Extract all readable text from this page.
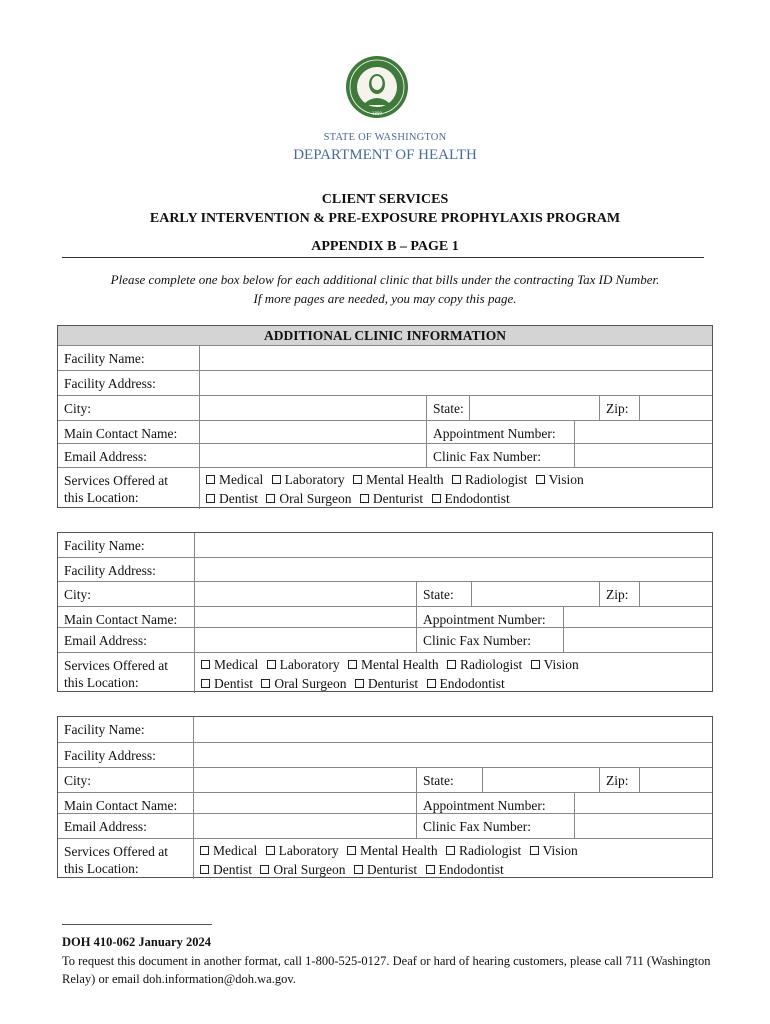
1889
STATE OF WASHINGTON
DEPARTMENT OF HEALTH
CLIENT SERVICES
EARLY INTERVENTION & PRE-EXPOSURE PROPHYLAXIS PROGRAM
APPENDIX B – PAGE 1
Please complete one box below for each additional clinic that bills under the contracting Tax ID Number.
If more pages are needed, you may copy this page.
ADDITIONAL CLINIC INFORMATION
Facility Name:
Facility Address:
City:	State:	Zip:
Main Contact Name:	Appointment Number:
Email Address:	Clinic Fax Number:
Services Offered at
this Location:
Medical Laboratory Mental Health Radiologist Vision
Dentist Oral Surgeon Denturist Endodontist
Facility Name:
Facility Address:
City:	State:	Zip:
Main Contact Name:	Appointment Number:
Email Address:	Clinic Fax Number:
Services Offered at
this Location:
Medical Laboratory Mental Health Radiologist Vision
Dentist Oral Surgeon Denturist Endodontist
Facility Name:
Facility Address:
City:	State:	Zip:
Main Contact Name:	Appointment Number:
Email Address:	Clinic Fax Number:
Services Offered at
this Location:
Medical Laboratory Mental Health Radiologist Vision
Dentist Oral Surgeon Denturist Endodontist
DOH 410-062 January 2024
To request this document in another format, call 1-800-525-0127. Deaf or hard of hearing customers, please call 711 (Washington Relay) or email doh.information@doh.wa.gov.
